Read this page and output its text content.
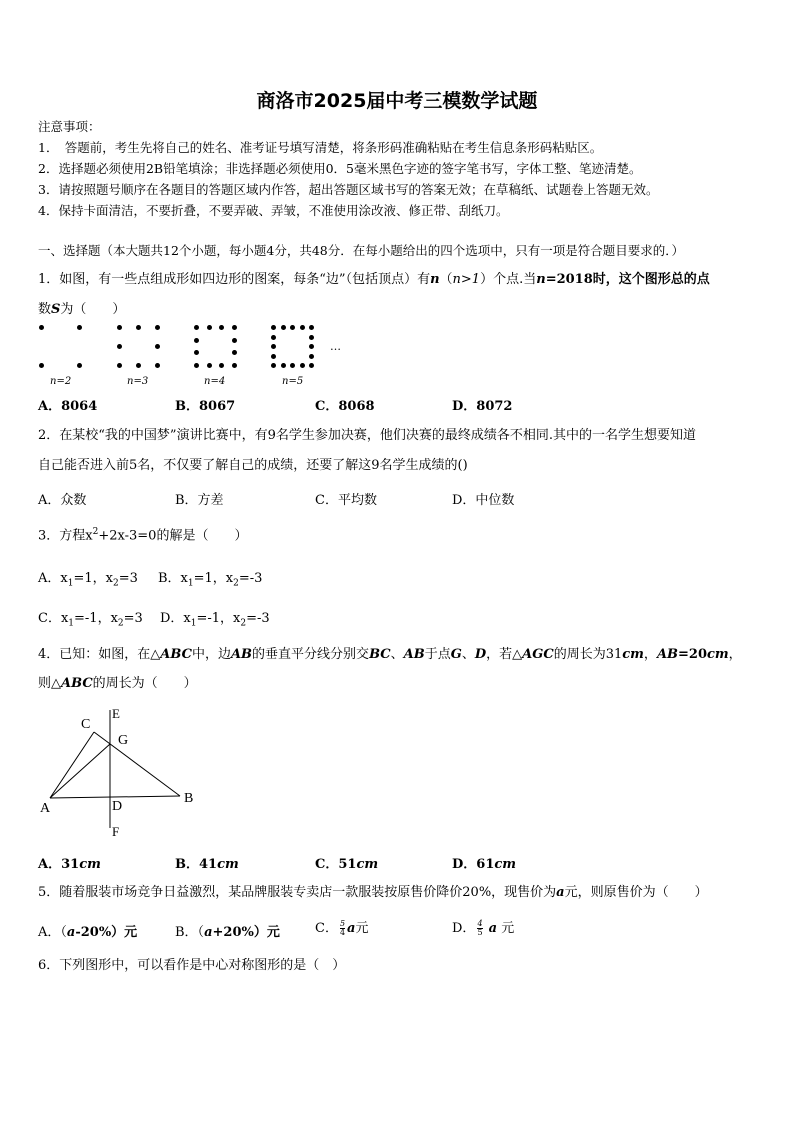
商洛市2025届中考三模数学试题
注意事项：
1．　答题前，考生先将自己的姓名、准考证号填写清楚，将条形码准确粘贴在考生信息条形码粘贴区。
2．选择题必须使用2B铅笔填涂；非选择题必须使用0．5毫米黑色字迹的签字笔书写，字体工整、笔迹清楚。
3．请按照题号顺序在各题目的答题区域内作答，超出答题区域书写的答案无效；在草稿纸、试题卷上答题无效。
4．保持卡面清洁，不要折叠，不要弄破、弄皱，不准使用涂改液、修正带、刮纸刀。
一、选择题（本大题共12个小题，每小题4分，共48分．在每小题给出的四个选项中，只有一项是符合题目要求的．）
1．如图，有一些点组成形如四边形的图案，每条“边”（包括顶点）有n（n>1）个点.当n=2018时，这个图形总的点
数S为（　　）
n=2	n=3	n=4	n=5
…
A．8064	B．8067	C．8068	D．8072
2．在某校“我的中国梦”演讲比赛中，有9名学生参加决赛，他们决赛的最终成绩各不相同.其中的一名学生想要知道
自己能否进入前5名，不仅要了解自己的成绩，还要了解这9名学生成绩的()
A．众数	B．方差	C．平均数	D．中位数
3．方程$x^2+2x-3=0$的解是（　　）
A．$x_1=1$，$x_2=3$ B．$x_1=1$，$x_2=-3$
C．$x_1=-1$，$x_2=3$ D．$x_1=-1$，$x_2=-3$
4．已知：如图，在△ABC中，边AB的垂直平分线分别交BC、AB于点G、D，若△AGC的周长为31cm，AB=20cm，
则△ABC的周长为（　　）
C
E
G
A	D
B
F
A．31cm	B．41cm	C．51cm	D．61cm
5．随着服装市场竞争日益激烈，某品牌服装专卖店一款服装按原售价降价20%，现售价为a元，则原售价为（　　）
A．（a-20%）元	B．（a+20%）元	C． $\frac{5}{4}$ a元	D． $\frac{4}{5}$ a 元
6．下列图形中，可以看作是中心对称图形的是（　）
